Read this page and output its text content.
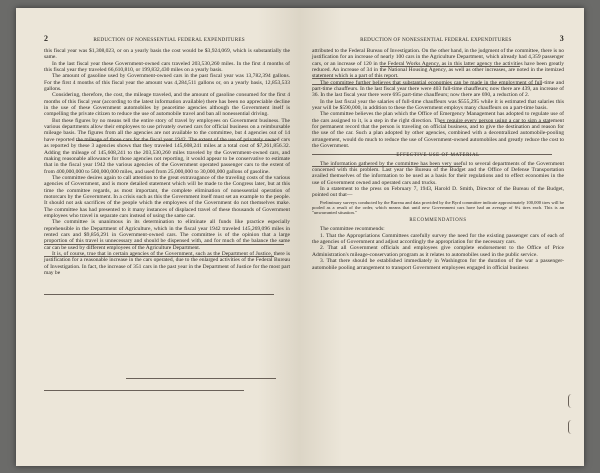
2	REDUCTION OF NONESSENTIAL FEDERAL EXPENDITURES

this fiscal year was $1,308,023, or on a yearly basis the cost would be $3,924,069, which is substantially the same.

In the last fiscal year these Government-owned cars traveled 203,530,260 miles. In the first 4 months of this fiscal year they traveled 66,610,810, or 199,832,430 miles on a yearly basis.

The amount of gasoline used by Government-owned cars in the past fiscal year was 13,782,394 gallons. For the first 4 months of this fiscal year the amount was 4,284,511 gallons or, on a yearly basis, 12,853,533 gallons.

Considering, therefore, the cost, the mileage traveled, and the amount of gasoline consumed for the first 4 months of this fiscal year (according to the latest information available) there has been no appreciable decline in the use of these Government automobiles by peacetime agencies although the Government itself is compelling the private citizen to reduce the use of automobile travel and ban all nonessential driving.

But these figures by no means tell the entire story of travel by employees on Government business. The various departments allow their employees to use privately owned cars for official business on a reimbursable mileage basis. The figures from all the agencies are not available to the committee, but 4 agencies out of 14 have reported the mileage of those cars for the fiscal year 1942. The extent of the use of privately owned cars as reported by these 3 agencies shows that they traveled 145,608,241 miles at a total cost of $7,261,856.32. Adding the mileage of 145,608,241 to the 203,530,260 miles traveled by the Government-owned cars, and making reasonable allowance for those agencies not reporting, it would appear to be conservative to estimate that in the fiscal year 1942 the various agencies of the Government operated passenger cars to the extent of from 400,000,000 to 500,000,000 miles, and used from 25,000,000 to 30,000,000 gallons of gasoline.

The committee desires again to call attention to the great extravagance of the traveling costs of the various agencies of Government, and is more detailed statement which will be made to the Congress later, but at this time the committee regards, as most important, the complete elimination of nonessential operation of motorcars by the Government. In a crisis such as this the Government itself must set an example to the people. It should not ask sacrifices of the people which the employees of the Government do not themselves make. The committee has had presented to it many instances of displaced travel of these thousands of Government employees who travel in separate cars instead of using the same car.

The committee is unanimous in its determination to eliminate all funds like practice especially reprehensible in the Department of Agriculture, which in the fiscal year 1942 traveled 145,269,096 miles in rented cars and $9,856,291 in Government-owned cars. The committee is of the opinion that a large proportion of this travel is unnecessary and should be dispensed with, and for much of the balance the same car can be used by different employees of the Agriculture Department.

It is, of course, true that in certain agencies of the Government, such as the Department of Justice, there is justification for a reasonable increase in the cars operated, due to the enlarged activities of the Federal Bureau of Investigation. In fact, the increase of 351 cars in the past year in the Department of Justice for the most part may be

REDUCTION OF NONESSENTIAL FEDERAL EXPENDITURES	3

attributed to the Federal Bureau of Investigation. On the other hand, in the judgment of the committee, there is no justification for an increase of nearly 100 cars in the Agriculture Department, which already had 4,359 passenger cars, or an increase of 120 in the Federal Works Agency, as in this latter agency the activities have been greatly reduced. An increase of 34 in the National Housing Agency, as well as other increases, are noted in the itemized statement which is a part of this report.

The committee further believes that substantial economies can be made in the employment of full-time and part-time chauffeurs. In the last fiscal year there were 403 full-time chauffeurs; now there are 439, an increase of 36. In the last fiscal year there were 695 part-time chauffeurs; now there are 690, a reduction of 2.

In the last fiscal year the salaries of full-time chauffeurs was $555,295 while it is estimated that salaries this year will be $590,000, in addition to these the Government employs many chauffeurs on a part-time basis.

The committee believes the plan which the Office of Emergency Management has adopted to regulate use of the cars assigned to it, is a step in the right direction. They require every person using a car to sign a statement for permanent record that the person is traveling on official business, and to give the destination and reason for the use of the car. Such a plan adopted by other agencies, combined with a decentralized automobile-pooling arrangement, would do much to reduce the use of Government-owned automobiles and greatly reduce the cost to the Government.

EFFECTIVE USE OF MATERIAL

The information gathered by the committee has been very useful to several departments of the Government concerned with this problem. Last year the Bureau of the Budget and the Office of Defense Transportation availed themselves of the information to be used as a basis for their regulations and to effect economies in the use of Government owned and operated cars and trucks.

In a statement to the press on February 7, 1943, Harold D. Smith, Director of the Bureau of the Budget, pointed out that—

Preliminary surveys conducted by the Bureau and data provided by the Byrd committee indicate approximately 100,000 tires will be pooled as a result of the order, which means that until new Government cars have had an average of 6¼ tires each. This is an "unwarranted situation."

RECOMMENDATIONS

The committee recommends:

1. That the Appropriations Committees carefully survey the need for the existing passenger cars of each of the agencies of Government and adjust accordingly the appropriation for the necessary cars.

2. That all Government officials and employees give complete endorsement to the Office of Price Administration's mileage-conservation program as it relates to automobiles used in the public service.

3. That there should be established immediately in Washington for the duration of the war a passenger-automobile pooling arrangement to transport Government employees engaged in official business
